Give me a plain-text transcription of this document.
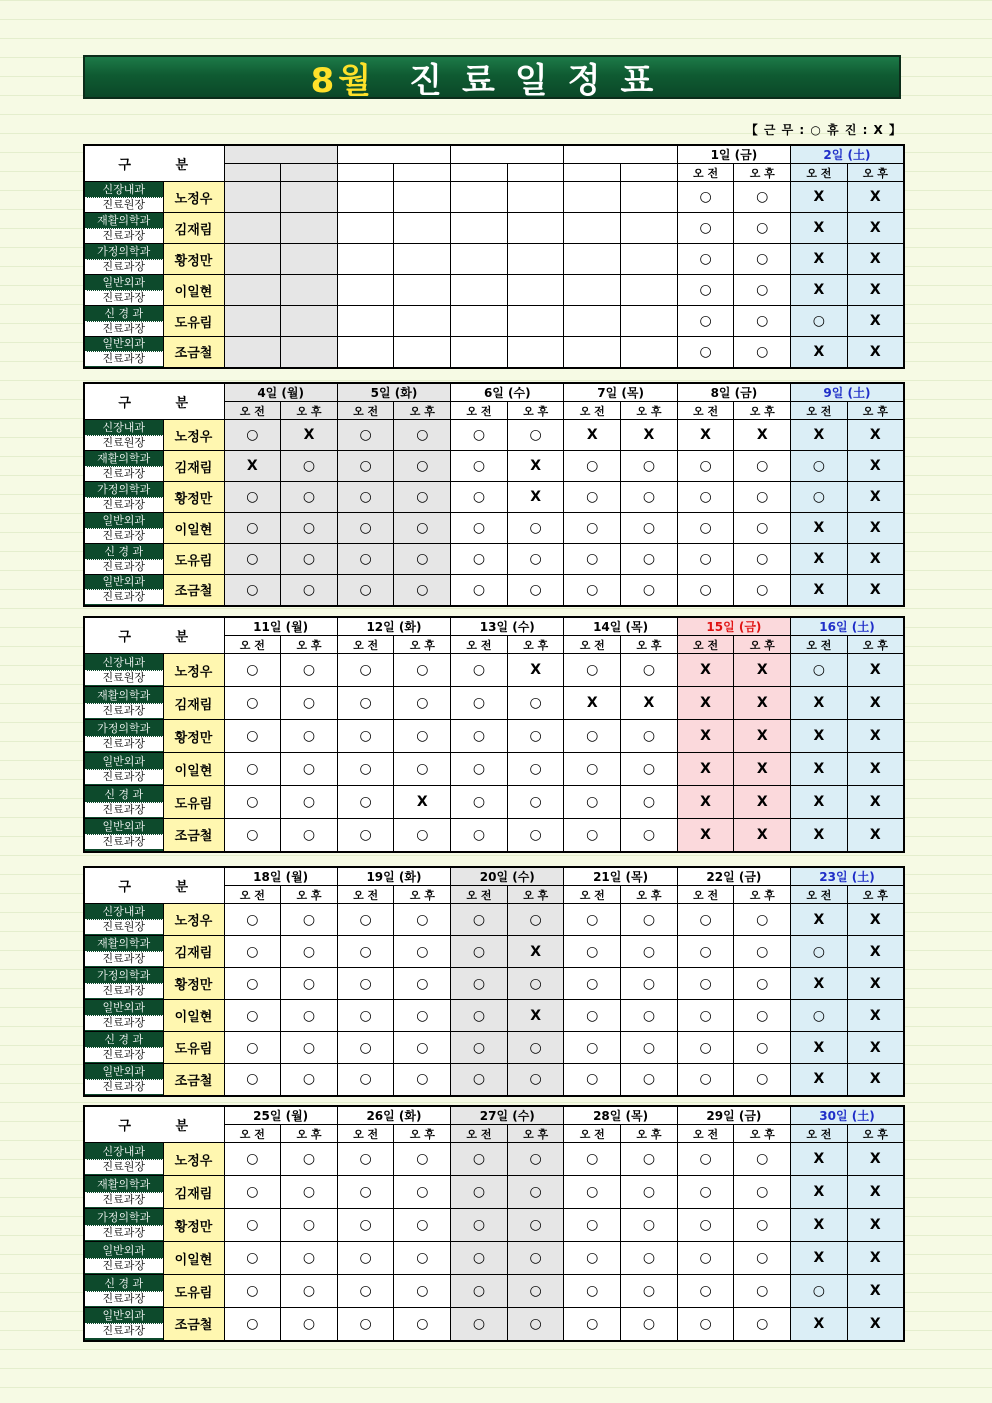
8월 진료일정표
【 근 무 : ○ 휴 진 : X 】
구 분										1일 (금)		2일 (土)	
										오 전	오 후	오 전	오 후

신장내과
진료원장	노정우									○	○	X	X

재활의학과
진료과장	김재림									○	○	X	X

가정의학과
진료과장	황정만									○	○	X	X

일반외과
진료과장	이일현									○	○	X	X

신 경 과
진료과장	도유림									○	○	○	X

일반외과
진료과장	조금철									○	○	X	X
구 분		4일 (월)		5일 (화)		6일 (수)		7일 (목)		8일 (금)		9일 (土)	
		오 전	오 후	오 전	오 후	오 전	오 후	오 전	오 후	오 전	오 후	오 전	오 후

신장내과
진료원장	노정우	○	X	○	○	○	○	X	X	X	X	X	X

재활의학과
진료과장	김재림	X	○	○	○	○	X	○	○	○	○	○	X

가정의학과
진료과장	황정만	○	○	○	○	○	X	○	○	○	○	○	X

일반외과
진료과장	이일현	○	○	○	○	○	○	○	○	○	○	X	X

신 경 과
진료과장	도유림	○	○	○	○	○	○	○	○	○	○	X	X

일반외과
진료과장	조금철	○	○	○	○	○	○	○	○	○	○	X	X
구 분		11일 (월)		12일 (화)		13일 (수)		14일 (목)		15일 (금)		16일 (土)	
		오 전	오 후	오 전	오 후	오 전	오 후	오 전	오 후	오 전	오 후	오 전	오 후

신장내과
진료원장	노정우	○	○	○	○	○	X	○	○	X	X	○	X

재활의학과
진료과장	김재림	○	○	○	○	○	○	X	X	X	X	X	X

가정의학과
진료과장	황정만	○	○	○	○	○	○	○	○	X	X	X	X

일반외과
진료과장	이일현	○	○	○	○	○	○	○	○	X	X	X	X

신 경 과
진료과장	도유림	○	○	○	X	○	○	○	○	X	X	X	X

일반외과
진료과장	조금철	○	○	○	○	○	○	○	○	X	X	X	X
구 분		18일 (월)		19일 (화)		20일 (수)		21일 (목)		22일 (금)		23일 (土)	
		오 전	오 후	오 전	오 후	오 전	오 후	오 전	오 후	오 전	오 후	오 전	오 후

신장내과
진료원장	노정우	○	○	○	○	○	○	○	○	○	○	X	X

재활의학과
진료과장	김재림	○	○	○	○	○	X	○	○	○	○	○	X

가정의학과
진료과장	황정만	○	○	○	○	○	○	○	○	○	○	X	X

일반외과
진료과장	이일현	○	○	○	○	○	X	○	○	○	○	○	X

신 경 과
진료과장	도유림	○	○	○	○	○	○	○	○	○	○	X	X

일반외과
진료과장	조금철	○	○	○	○	○	○	○	○	○	○	X	X
구 분		25일 (월)		26일 (화)		27일 (수)		28일 (목)		29일 (금)		30일 (土)	
		오 전	오 후	오 전	오 후	오 전	오 후	오 전	오 후	오 전	오 후	오 전	오 후

신장내과
진료원장	노정우	○	○	○	○	○	○	○	○	○	○	X	X

재활의학과
진료과장	김재림	○	○	○	○	○	○	○	○	○	○	X	X

가정의학과
진료과장	황정만	○	○	○	○	○	○	○	○	○	○	X	X

일반외과
진료과장	이일현	○	○	○	○	○	○	○	○	○	○	X	X

신 경 과
진료과장	도유림	○	○	○	○	○	○	○	○	○	○	○	X

일반외과
진료과장	조금철	○	○	○	○	○	○	○	○	○	○	X	X
